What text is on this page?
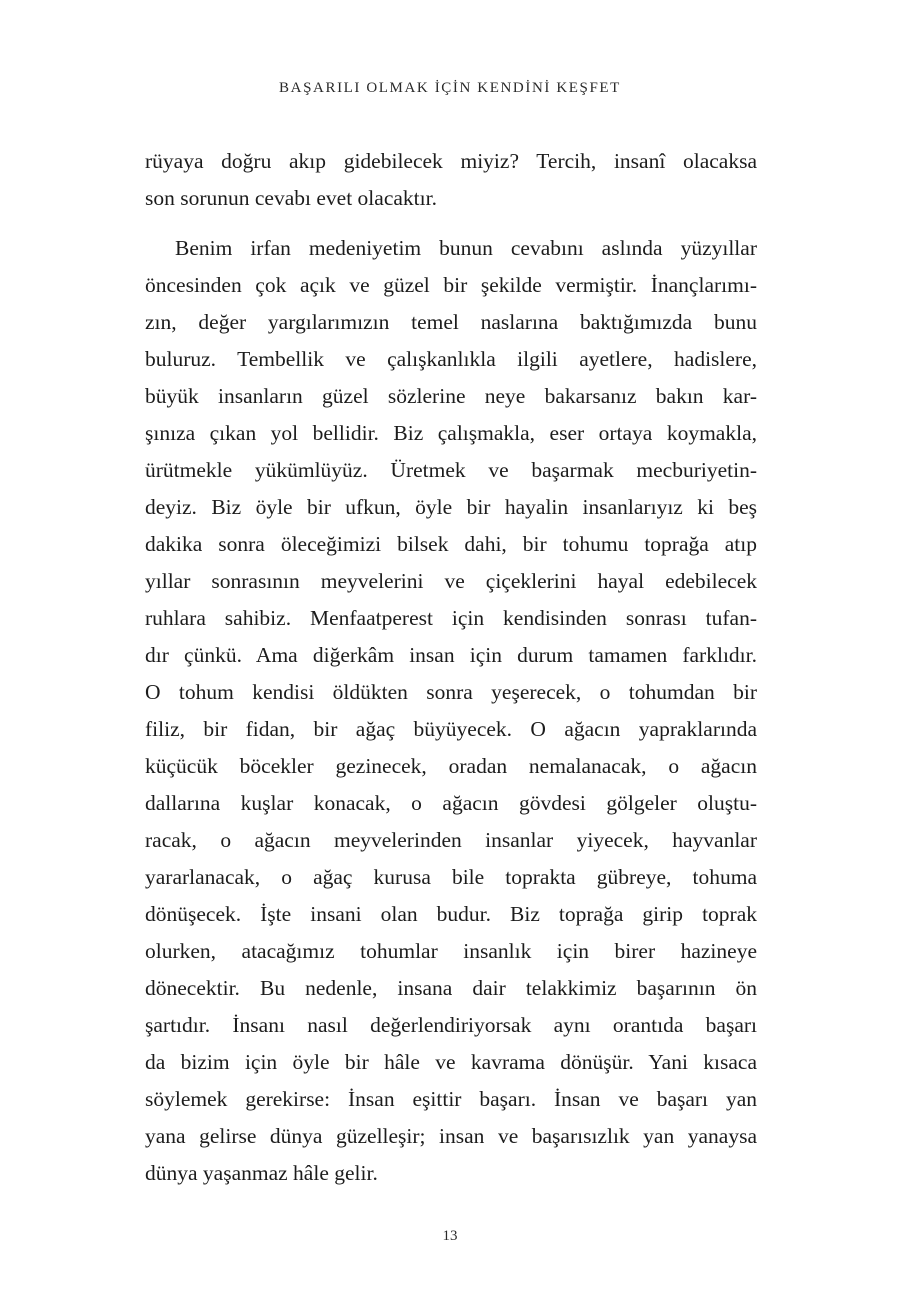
BAŞARILI OLMAK İÇİN KENDİNİ KEŞFET
rüyaya doğru akıp gidebilecek miyiz? Tercih, insanî olacaksa
son sorunun cevabı evet olacaktır.
Benim irfan medeniyetim bunun cevabını aslında yüzyıllar
öncesinden çok açık ve güzel bir şekilde vermiştir. İnançlarımı-
zın, değer yargılarımızın temel naslarına baktığımızda bunu
buluruz. Tembellik ve çalışkanlıkla ilgili ayetlere, hadislere,
büyük insanların güzel sözlerine neye bakarsanız bakın kar-
şınıza çıkan yol bellidir. Biz çalışmakla, eser ortaya koymakla,
ürütmekle yükümlüyüz. Üretmek ve başarmak mecburiyetin-
deyiz. Biz öyle bir ufkun, öyle bir hayalin insanlarıyız ki beş
dakika sonra öleceğimizi bilsek dahi, bir tohumu toprağa atıp
yıllar sonrasının meyvelerini ve çiçeklerini hayal edebilecek
ruhlara sahibiz. Menfaatperest için kendisinden sonrası tufan-
dır çünkü. Ama diğerkâm insan için durum tamamen farklıdır.
O tohum kendisi öldükten sonra yeşerecek, o tohumdan bir
filiz, bir fidan, bir ağaç büyüyecek. O ağacın yapraklarında
küçücük böcekler gezinecek, oradan nemalanacak, o ağacın
dallarına kuşlar konacak, o ağacın gövdesi gölgeler oluştu-
racak, o ağacın meyvelerinden insanlar yiyecek, hayvanlar
yararlanacak, o ağaç kurusa bile toprakta gübreye, tohuma
dönüşecek. İşte insani olan budur. Biz toprağa girip toprak
olurken, atacağımız tohumlar insanlık için birer hazineye
dönecektir. Bu nedenle, insana dair telakkimiz başarının ön
şartıdır. İnsanı nasıl değerlendiriyorsak aynı orantıda başarı
da bizim için öyle bir hâle ve kavrama dönüşür. Yani kısaca
söylemek gerekirse: İnsan eşittir başarı. İnsan ve başarı yan
yana gelirse dünya güzelleşir; insan ve başarısızlık yan yanaysa
dünya yaşanmaz hâle gelir.
13
